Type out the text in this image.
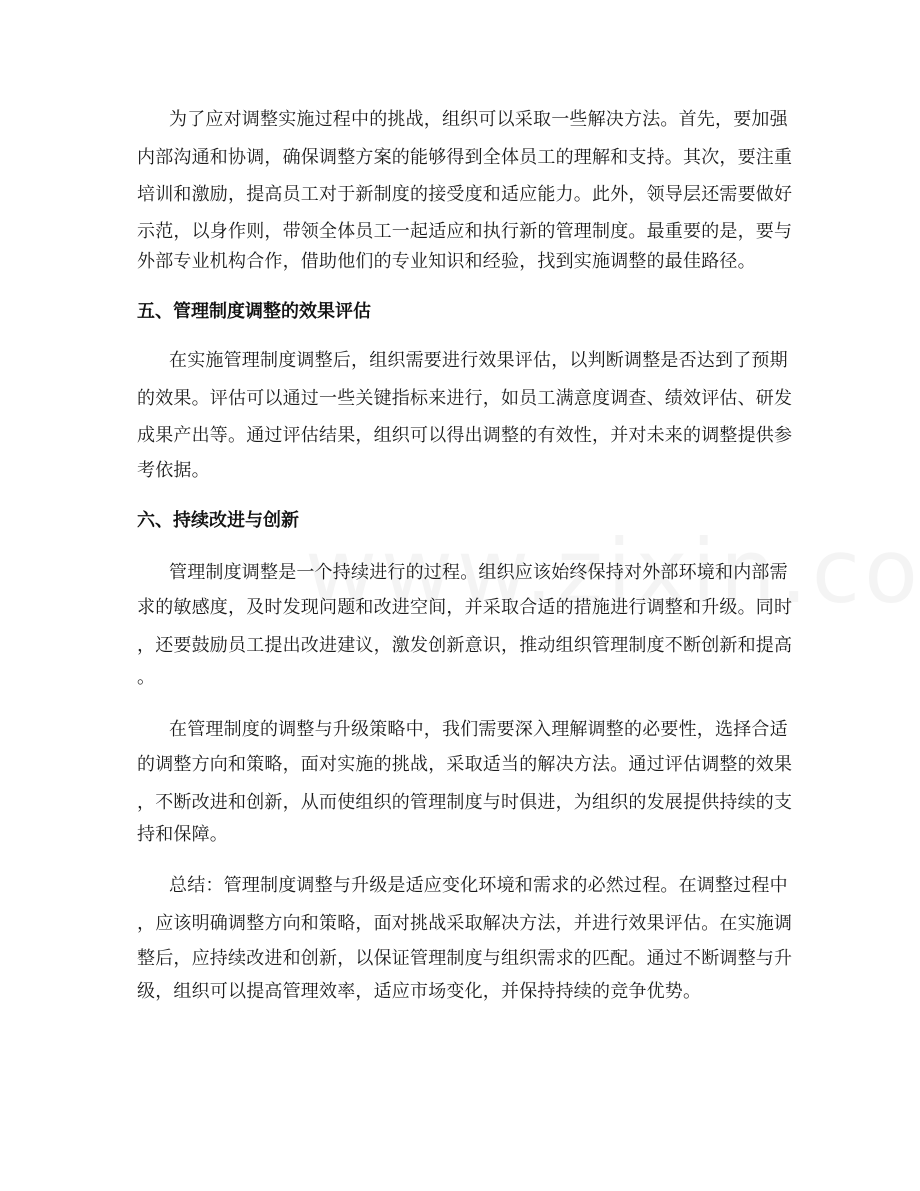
为了应对调整实施过程中的挑战，组织可以采取一些解决方法。首先，要加强
内部沟通和协调，确保调整方案的能够得到全体员工的理解和支持。其次，要注重
培训和激励，提高员工对于新制度的接受度和适应能力。此外，领导层还需要做好
示范，以身作则，带领全体员工一起适应和执行新的管理制度。最重要的是，要与
外部专业机构合作，借助他们的专业知识和经验，找到实施调整的最佳路径。
五、管理制度调整的效果评估
在实施管理制度调整后，组织需要进行效果评估，以判断调整是否达到了预期
的效果。评估可以通过一些关键指标来进行，如员工满意度调查、绩效评估、研发
成果产出等。通过评估结果，组织可以得出调整的有效性，并对未来的调整提供参
考依据。
六、持续改进与创新
管理制度调整是一个持续进行的过程。组织应该始终保持对外部环境和内部需
求的敏感度，及时发现问题和改进空间，并采取合适的措施进行调整和升级。同时
，还要鼓励员工提出改进建议，激发创新意识，推动组织管理制度不断创新和提高
。
在管理制度的调整与升级策略中，我们需要深入理解调整的必要性，选择合适
的调整方向和策略，面对实施的挑战，采取适当的解决方法。通过评估调整的效果
，不断改进和创新，从而使组织的管理制度与时俱进，为组织的发展提供持续的支
持和保障。
总结：管理制度调整与升级是适应变化环境和需求的必然过程。在调整过程中
，应该明确调整方向和策略，面对挑战采取解决方法，并进行效果评估。在实施调
整后，应持续改进和创新，以保证管理制度与组织需求的匹配。通过不断调整与升
级，组织可以提高管理效率，适应市场变化，并保持持续的竞争优势。
